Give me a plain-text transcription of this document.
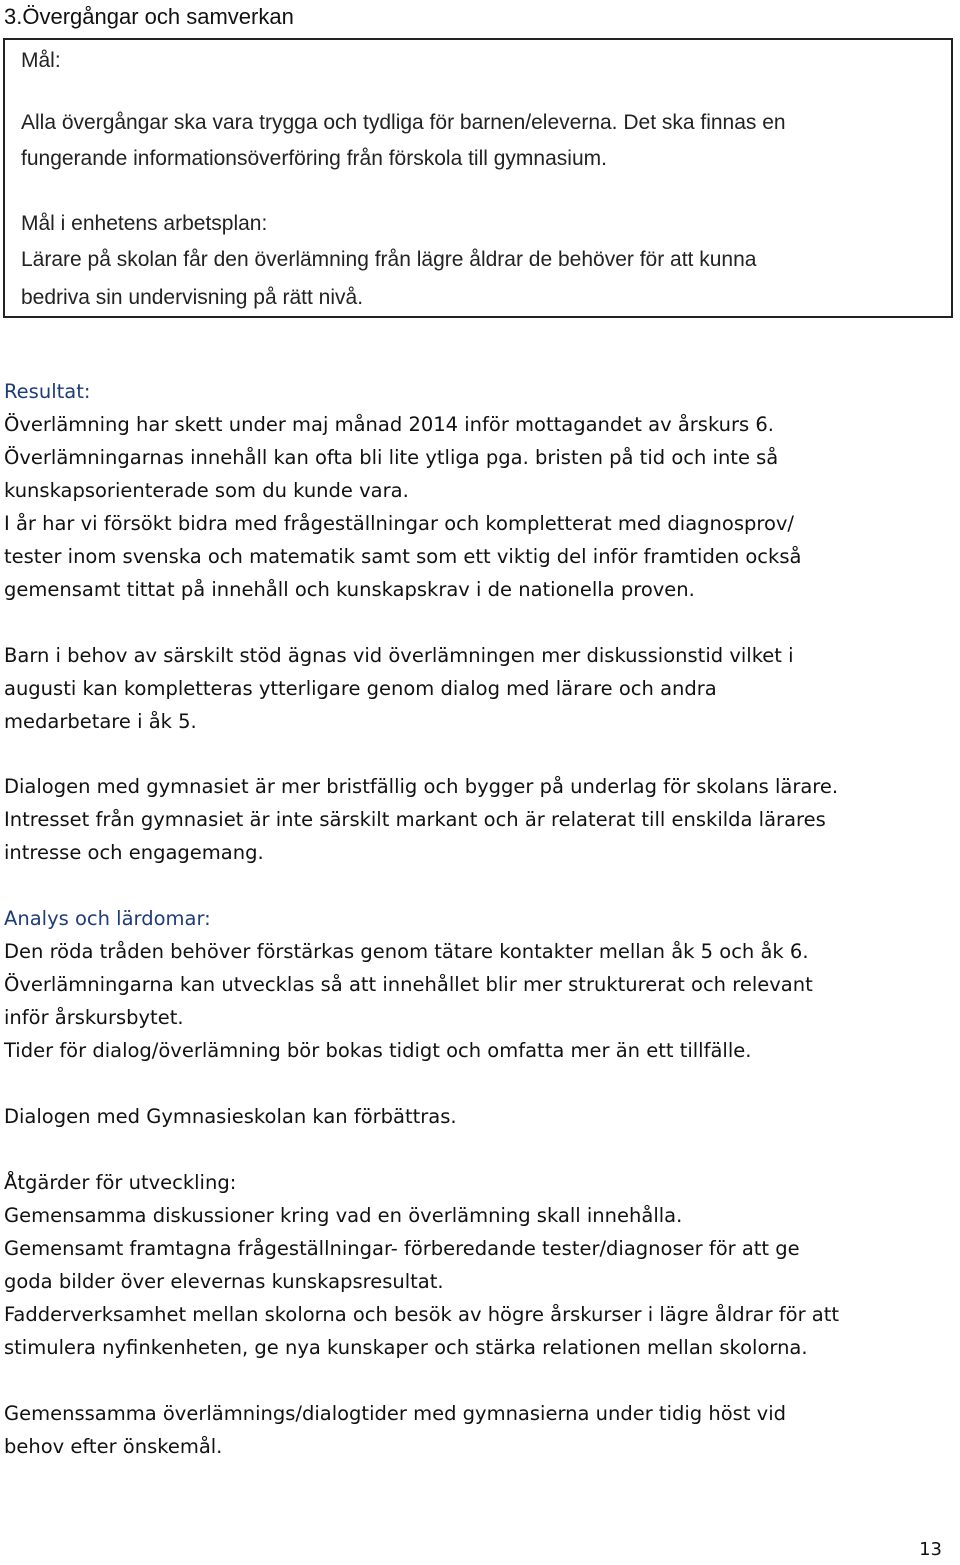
3.Övergångar och samverkan
Mål:
Alla övergångar ska vara trygga och tydliga för barnen/eleverna. Det ska finnas en
fungerande informationsöverföring från förskola till gymnasium.
Mål i enhetens arbetsplan:
Lärare på skolan får den överlämning från lägre åldrar de behöver för att kunna
bedriva sin undervisning på rätt nivå.
Resultat:
Överlämning har skett under maj månad 2014 inför mottagandet av årskurs 6.
Överlämningarnas innehåll kan ofta bli lite ytliga pga. bristen på tid och inte så
kunskapsorienterade som du kunde vara.
I år har vi försökt bidra med frågeställningar och kompletterat med diagnosprov/
tester inom svenska och matematik samt som ett viktig del inför framtiden också
gemensamt tittat på innehåll och kunskapskrav i de nationella proven.
Barn i behov av särskilt stöd ägnas vid överlämningen mer diskussionstid vilket i
augusti kan kompletteras ytterligare genom dialog med lärare och andra
medarbetare i åk 5.
Dialogen med gymnasiet är mer bristfällig och bygger på underlag för skolans lärare.
Intresset från gymnasiet är inte särskilt markant och är relaterat till enskilda lärares
intresse och engagemang.
Analys och lärdomar:
Den röda tråden behöver förstärkas genom tätare kontakter mellan åk 5 och åk 6.
Överlämningarna kan utvecklas så att innehållet blir mer strukturerat och relevant
inför årskursbytet.
Tider för dialog/överlämning bör bokas tidigt och omfatta mer än ett tillfälle.
Dialogen med Gymnasieskolan kan förbättras.
Åtgärder för utveckling:
Gemensamma diskussioner kring vad en överlämning skall innehålla.
Gemensamt framtagna frågeställningar- förberedande tester/diagnoser för att ge
goda bilder över elevernas kunskapsresultat.
Fadderverksamhet mellan skolorna och besök av högre årskurser i lägre åldrar för att
stimulera nyfinkenheten, ge nya kunskaper och stärka relationen mellan skolorna.
Gemenssamma överlämnings/dialogtider med gymnasierna under tidig höst vid
behov efter önskemål.
13
